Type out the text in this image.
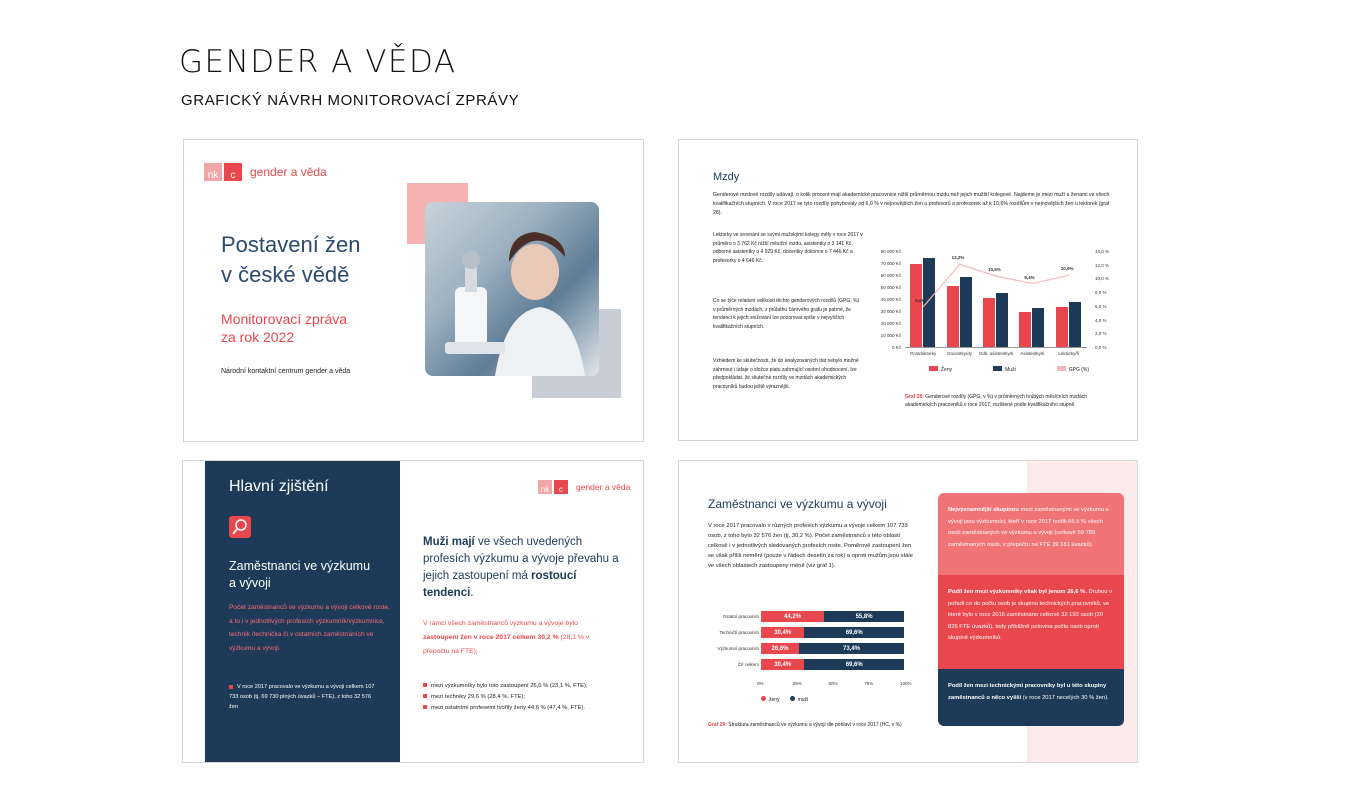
GENDER A VĚDA
GRAFICKÝ NÁVRH MONITOROVACÍ ZPRÁVY
nk	c	gender a věda
Postavení žen
v české vědě
Monitorovací zpráva
za rok 2022
Národní kontaktní centrum gender a věda
Mzdy
Genderové mzdové rozdíly udávají, o kolik procent mají akademické pracovnice nižší průměrnou mzdu než jejich mužští kolegové. Najdeme je mezi muži a ženami ve všech kvalifikačních stupních. V roce 2017 se tyto rozdíly pohybovaly od 6,0 % v nejnovějších žen u profesorů a profesorek až k 10,6% rozdílům v nejnovějších žen u lektorek (graf 28).
Lektorky ve srovnání se svými mužskými kolegy měly v roce 2017 v průměru o 3 762 Kč nižší měsíční mzdu, asistentky o 3 141 Kč, odborné asistentky o 4 929 Kč, docentky dokonce o 7 446 Kč a profesorky o 4 646 Kč.
Co se týče relativní velikosti těchto genderových rozdílů (GPG, %) v průměrných mzdách, z průběhu čárového grafu je patrné, že tendenci k jejich snižování lze pozorovat spíše v nejvyšších kvalifikačních stupních.
Vzhledem ke skutečnosti, že do analyzovaných dat nebylo možné zahrnout i údaje o složce platu zahrnující osobní ohodnocení, lze předpokládat, že skutečné rozdíly ve mzdách akademických pracovníků budou ještě výraznější.
80 000 Kč
70 000 Kč
60 000 Kč
50 000 Kč
40 000 Kč
30 000 Kč
20 000 Kč
10 000 Kč
0 Kč
14,0 %
12,0 %
10,0 %
8,0 %
6,0 %
4,0 %
2,0 %
0,0 %
6,0%
Postdoktorky
12,2%
Docentky/dy
10,5%
Odb. asistentky/ti
9,4%
Asistentky/ti
10,6%
Lektorky/ři
Ženy	Muži	GPG (%)
Graf 28: Genderové rozdíly (GPG, v %) v průměrných hrubých měsíčních mzdách akademických pracovníků v roce 2017, rozlišené podle kvalifikačního stupně
Hlavní zjištění
Zaměstnanci ve výzkumu
a vývoji
Počet zaměstnanců ve výzkumu a vývoji celkově roste, a to i v jednotlivých profesích výzkumník/výzkumnice, technik /technička či v ostatních zaměstnáních ve výzkumu a vývoji.
V roce 2017 pracovalo ve výzkumu a vývoji celkem 107 733 osob (tj. 69 730 plných úvazků – FTE), z toho 32 576 žen
nk	c	gender a věda
Muži mají ve všech uvedených profesích výzkumu a vývoje převahu a jejich zastoupení má rostoucí tendenci.
V rámci všech zaměstnanců výzkumu a vývoje bylo zastoupení žen v roce 2017 celkem 30,2 % (28,1 % v přepočtu na FTE);
mezi výzkumníky bylo toto zastoupení 26,6 % (23,1 %, FTE);
mezi techniky 29,6 % (28,4 %, FTE);
mezi ostatními profesemi tvořily ženy 44,6 % (47,4 %, FTE).
Zaměstnanci ve výzkumu a vývoji
V roce 2017 pracovalo v různých profesích výzkumu a vývoje celkem 107 733 osob, z toho bylo 32 576 žen (tj. 30,2 %). Počet zaměstnanců v této oblasti celkově i v jednotlivých sledovaných profesích roste. Poměrově zastoupení žen se však příliš nemění (pouze v řádech desetin za rok) a oproti mužům jsou stále ve všech oblastech zastoupeny méně (viz graf 1).
Ostatní pracovníci	44,2%	55,8%
Techničtí pracovníci	30,4%	69,6%
Výzkumní pracovníci	26,6%	73,4%
Čtí celkem	30,4%	69,6%
0%	25%	50%	75%	100%
ženy	muži
Graf 29: Struktura zaměstnanců ve výzkumu a vývoji dle pohlaví v roce 2017 (HC, v %)
Nejvýznamnější skupinou mezi zaměstnanými ve výzkumu a vývoji jsou výzkumníci, kteří v roce 2017 tvořili 66,5 % všech osob zaměstnaných ve výzkumu a vývoji (celkově 59 789 zaměstnaných osob, v přepočtu na FTE 39 181 úvazků).
Podíl žen mezi výzkumníky však byl jenom 26,6 %. Druhou v pořadí co do počtu osob je skupina technických pracovníků, ve které bylo v roce 2016 zaměstnáno celkově 32 193 osob (20 826 FTE úvazků), tedy přibližně polovina počtu osob oproti skupině výzkumníků.
Podíl žen mezi technickými pracovníky byl u této skupiny zaměstnanců o něco vyšší (v roce 2017 necelých 30 % žen).
